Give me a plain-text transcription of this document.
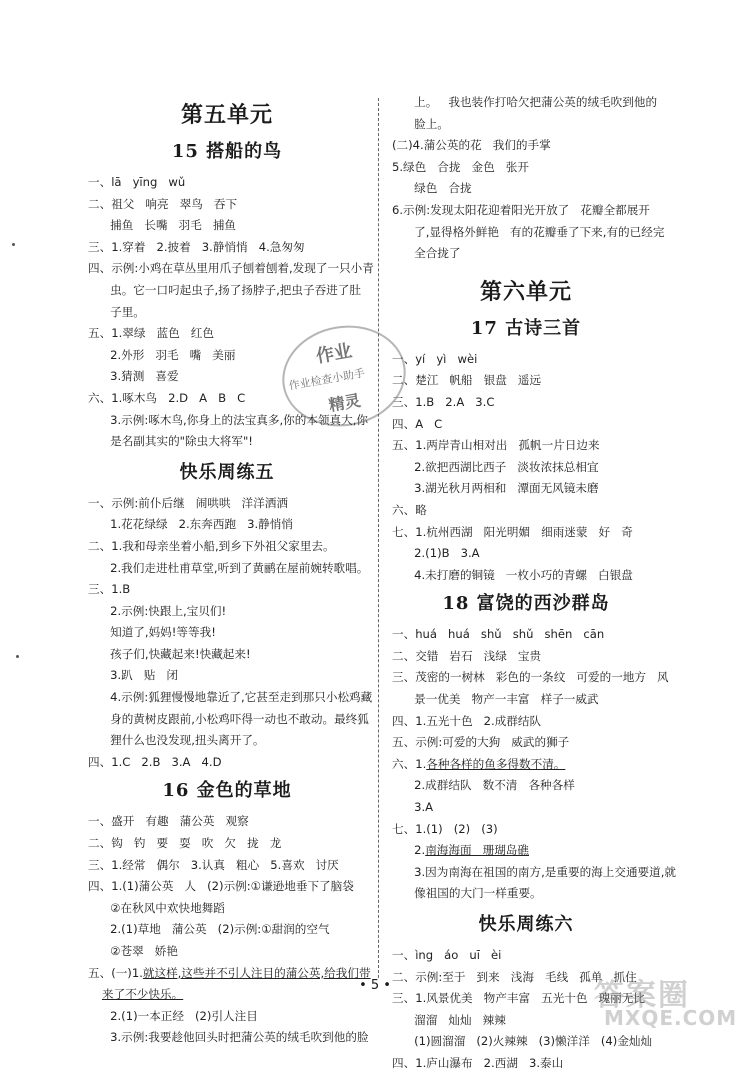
第五单元
15 搭船的鸟
一、lā   yīng   wǔ
二、祖父   响亮   翠鸟   吞下
捕鱼   长嘴   羽毛   捕鱼
三、1.穿着   2.披着   3.静悄悄   4.急匆匆
四、示例:小鸡在草丛里用爪子刨着刨着,发现了一只小青
虫。它一口叼起虫子,扬了扬脖子,把虫子吞进了肚
子里。
五、1.翠绿   蓝色   红色
2.外形   羽毛   嘴   美丽
3.猜测   喜爱
六、1.啄木鸟   2.D   A   B   C
3.示例:啄木鸟,你身上的法宝真多,你的本领真大,你
是名副其实的"除虫大将军"!
快乐周练五
一、示例:前仆后继   闹哄哄   洋洋洒洒
1.花花绿绿   2.东奔西跑   3.静悄悄
二、1.我和母亲坐着小船,到乡下外祖父家里去。
2.我们走进杜甫草堂,听到了黄鹂在屋前婉转歌唱。
三、1.B
2.示例:快跟上,宝贝们!
知道了,妈妈!等等我!
孩子们,快藏起来!快藏起来!
3.趴   贴   闭
4.示例:狐狸慢慢地靠近了,它甚至走到那只小松鸡藏
身的黄树皮跟前,小松鸡吓得一动也不敢动。最终狐
狸什么也没发现,扭头离开了。
四、1.C   2.B   3.A   4.D
16 金色的草地
一、盛开   有趣   蒲公英   观察
二、钩   钓   要   耍   吹   欠   拢   龙
三、1.经常   偶尔   3.认真   粗心   5.喜欢   讨厌
四、1.(1)蒲公英   人   (2)示例:①谦逊地垂下了脑袋
②在秋风中欢快地舞蹈
2.(1)草地   蒲公英   (2)示例:①甜润的空气
②苍翠   娇艳
五、(一)1.就这样,这些并不引人注目的蒲公英,给我们带
来了不少快乐。
2.(1)一本正经   (2)引人注目
3.示例:我要趁他回头时把蒲公英的绒毛吹到他的脸
上。   我也装作打哈欠把蒲公英的绒毛吹到他的
脸上。
(二)4.蒲公英的花   我们的手掌
5.绿色   合拢   金色   张开
绿色   合拢
6.示例:发现太阳花迎着阳光开放了   花瓣全都展开
了,显得格外鲜艳   有的花瓣垂了下来,有的已经完
全合拢了
第六单元
17 古诗三首
一、yí   yì   wèi
二、楚江   帆船   银盘   遥远
三、1.B   2.A   3.C
四、A   C
五、1.两岸青山相对出   孤帆一片日边来
2.欲把西湖比西子   淡妆浓抹总相宜
3.湖光秋月两相和   潭面无风镜未磨
六、略
七、1.杭州西湖   阳光明媚   细雨迷蒙   好   奇
2.(1)B   3.A
4.未打磨的铜镜   一枚小巧的青螺   白银盘
18 富饶的西沙群岛
一、huá   huá   shǔ   shǔ   shēn   cān
二、交错   岩石   浅绿   宝贵
三、茂密的一树林   彩色的一条纹   可爱的一地方   风
景一优美   物产一丰富   样子一威武
四、1.五光十色   2.成群结队
五、示例:可爱的大狗   威武的狮子
六、1.各种各样的鱼多得数不清。
2.成群结队   数不清   各种各样
3.A
七、1.(1)   (2)   (3)
2.南海海面   珊瑚岛礁
3.因为南海在祖国的南方,是重要的海上交通要道,就
像祖国的大门一样重要。
快乐周练六
一、ìng   áo   uī   èi
二、示例:至于   到来   浅海   毛线   孤单   抓住
三、1.风景优美   物产丰富   五光十色   瑰丽无比
溜溜   灿灿   辣辣
(1)圆溜溜   (2)火辣辣   (3)懒洋洋   (4)金灿灿
四、1.庐山瀑布   2.西湖   3.泰山
作业
作业检查小助手
精灵
• 5 •	答案圈
MXQE.COM
